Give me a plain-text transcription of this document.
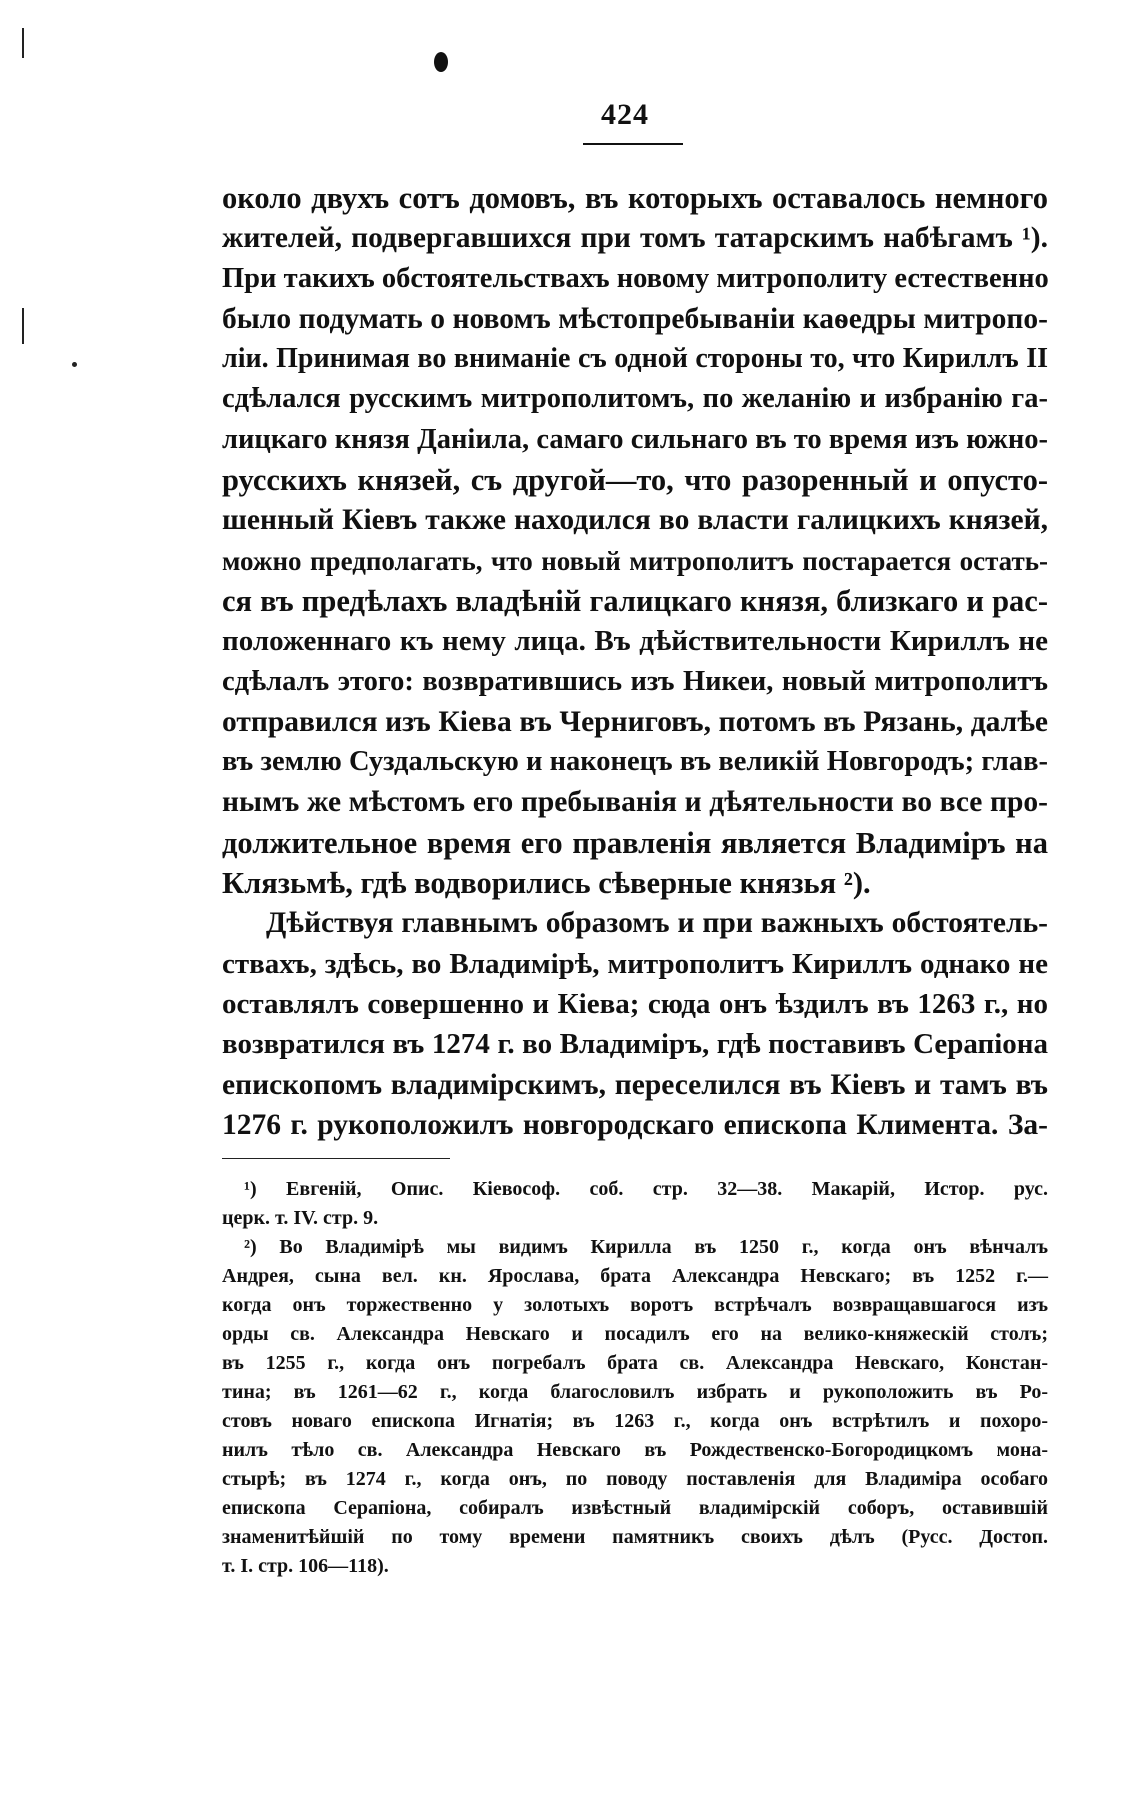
424
около двухъ сотъ домовъ, въ которыхъ оставалось немного
жителей, подвергавшихся при томъ татарскимъ набѣгамъ ¹).
При такихъ обстоятельствахъ новому митрополиту естественно
было подумать о новомъ мѣстопребываніи каѳедры митропо-
ліи. Принимая во вниманіе съ одной стороны то, что Кириллъ II
сдѣлался русскимъ митрополитомъ, по желанію и избранію га-
лицкаго князя Даніила, самаго сильнаго въ то время изъ южно-
русскихъ князей, съ другой—то, что разоренный и опусто-
шенный Кіевъ также находился во власти галицкихъ князей,
можно предполагать, что новый митрополитъ постарается остать-
ся въ предѣлахъ владѣній галицкаго князя, близкаго и рас-
положеннаго къ нему лица. Въ дѣйствительности Кириллъ не
сдѣлалъ этого: возвратившись изъ Никеи, новый митрополитъ
отправился изъ Кіева въ Черниговъ, потомъ въ Рязань, далѣе
въ землю Суздальскую и наконецъ въ великій Новгородъ; глав-
нымъ же мѣстомъ его пребыванія и дѣятельности во все про-
должительное время его правленія является Владиміръ на
Клязьмѣ, гдѣ водворились сѣверные князья ²).
Дѣйствуя главнымъ образомъ и при важныхъ обстоятель-
ствахъ, здѣсь, во Владимірѣ, митрополитъ Кириллъ однако не
оставлялъ совершенно и Кіева; сюда онъ ѣздилъ въ 1263 г., но
возвратился въ 1274 г. во Владиміръ, гдѣ поставивъ Серапіона
епископомъ владимірскимъ, переселился въ Кіевъ и тамъ въ
1276 г. рукоположилъ новгородскаго епископа Климента. За-
¹) Евгеній, Опис. Кіевософ. соб. стр. 32—38. Макарій, Истор. рус.
церк. т. IV. стр. 9.
²) Во Владимірѣ мы видимъ Кирилла въ 1250 г., когда онъ вѣнчалъ
Андрея, сына вел. кн. Ярослава, брата Александра Невскаго; въ 1252 г.—
когда онъ торжественно у золотыхъ воротъ встрѣчалъ возвращавшагося изъ
орды св. Александра Невскаго и посадилъ его на велико-княжескій столъ;
въ 1255 г., когда онъ погребалъ брата св. Александра Невскаго, Констан-
тина; въ 1261—62 г., когда благословилъ избрать и рукоположить въ Ро-
стовъ новаго епископа Игнатія; въ 1263 г., когда онъ встрѣтилъ и похоро-
нилъ тѣло св. Александра Невскаго въ Рождественско-Богородицкомъ мона-
стырѣ; въ 1274 г., когда онъ, по поводу поставленія для Владиміра особаго
епископа Серапіона, собиралъ извѣстный владимірскій соборъ, оставившій
знаменитѣйшій по тому времени памятникъ своихъ дѣлъ (Русс. Достоп.
т. I. стр. 106—118).
